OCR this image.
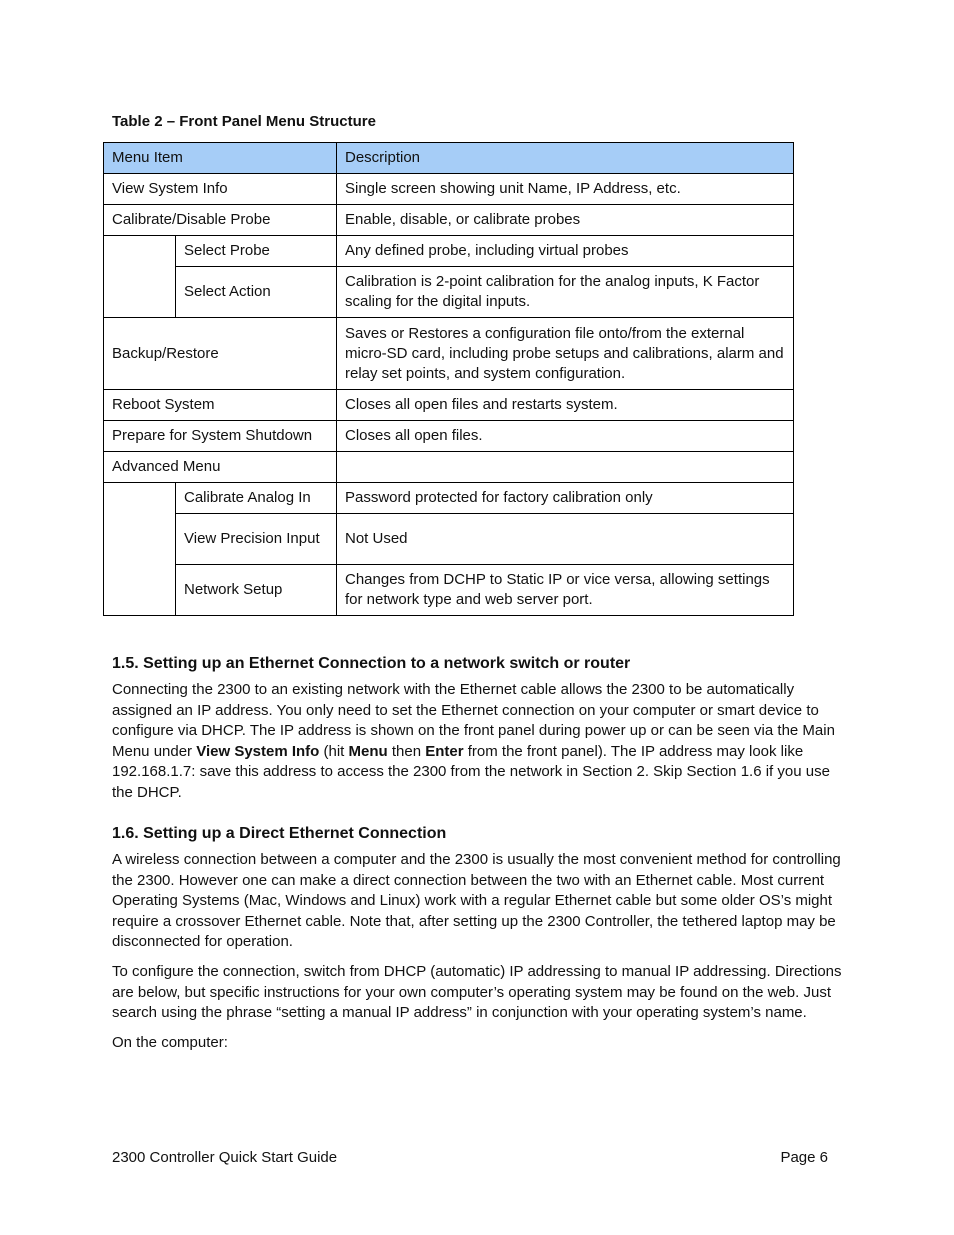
Table 2 – Front Panel Menu Structure
Menu Item		Description
View System Info		Single screen showing unit Name, IP Address, etc.
Calibrate/Disable Probe		Enable, disable, or calibrate probes
	Select Probe	Any defined probe, including virtual probes
	Select Action	Calibration is 2-point calibration for the analog inputs, K Factor scaling for the digital inputs.
Backup/Restore		Saves or Restores a configuration file onto/from the external micro-SD card, including probe setups and calibrations, alarm and relay set points, and system configuration.
Reboot System		Closes all open files and restarts system.
Prepare for System Shutdown		Closes all open files.
Advanced Menu		
	Calibrate Analog In	Password protected for factory calibration only
	View Precision Input	Not Used
	Network Setup	Changes from DCHP to Static IP or vice versa, allowing settings for network type and web server port.
1.5. Setting up an Ethernet Connection to a network switch or router

Connecting the 2300 to an existing network with the Ethernet cable allows the 2300 to be automatically assigned an IP address. You only need to set the Ethernet connection on your computer or smart device to configure via DHCP. The IP address is shown on the front panel during power up or can be seen via the Main Menu under View System Info (hit Menu then Enter from the front panel). The IP address may look like 192.168.1.7: save this address to access the 2300 from the network in Section 2. Skip Section 1.6 if you use the DHCP.

1.6. Setting up a Direct Ethernet Connection

A wireless connection between a computer and the 2300 is usually the most convenient method for controlling the 2300. However one can make a direct connection between the two with an Ethernet cable. Most current Operating Systems (Mac, Windows and Linux) work with a regular Ethernet cable but some older OS’s might require a crossover Ethernet cable. Note that, after setting up the 2300 Controller, the tethered laptop may be disconnected for operation.

To configure the connection, switch from DHCP (automatic) IP addressing to manual IP addressing. Directions are below, but specific instructions for your own computer’s operating system may be found on the web. Just search using the phrase “setting a manual IP address” in conjunction with your operating system’s name.

On the computer:

2300 Controller Quick Start Guide	Page 6
